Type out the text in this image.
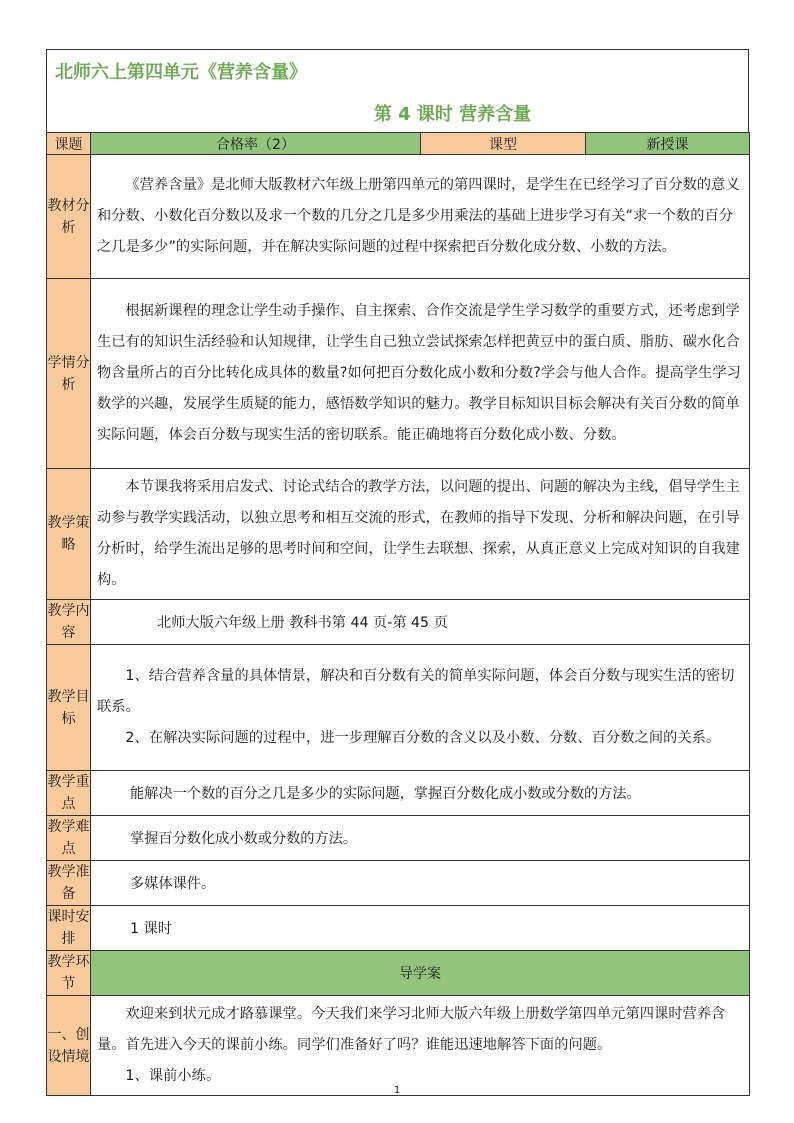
北师六上第四单元《营养含量》
第 4 课时 营养含量
课题	合格率（2）	课型	新授课
教材分析	《营养含量》是北师大版教材六年级上册第四单元的第四课时，是学生在已经学习了百分数的意义和分数、小数化百分数以及求一个数的几分之几是多少用乘法的基础上进步学习有关“求一个数的百分之几是多少”的实际问题，并在解决实际问题的过程中探索把百分数化成分数、小数的方法。		
学情分析	根据新课程的理念让学生动手操作、自主探索、合作交流是学生学习数学的重要方式，还考虑到学生已有的知识生活经验和认知规律，让学生自己独立尝试探索怎样把黄豆中的蛋白质、脂肪、碳水化合物含量所占的百分比转化成具体的数量?如何把百分数化成小数和分数?学会与他人合作。提高学生学习数学的兴趣，发展学生质疑的能力，感悟数学知识的魅力。教学目标知识目标会解决有关百分数的简单实际问题，体会百分数与现实生活的密切联系。能正确地将百分数化成小数、分数。		
教学策略	本节课我将采用启发式、讨论式结合的教学方法，以问题的提出、问题的解决为主线，倡导学生主动参与教学实践活动，以独立思考和相互交流的形式，在教师的指导下发现、分析和解决问题，在引导分析时，给学生流出足够的思考时间和空间，让学生去联想、探索，从真正意义上完成对知识的自我建构。		
教学内容	北师大版六年级上册 教科书第 44 页-第 45 页		
教学目标	1、结合营养含量的具体情景，解决和百分数有关的简单实际问题，体会百分数与现实生活的密切联系。

2、在解决实际问题的过程中，进一步理解百分数的含义以及小数、分数、百分数之间的关系。		

教学重点	能解决一个数的百分之几是多少的实际问题，掌握百分数化成小数或分数的方法。		
教学难点	掌握百分数化成小数或分数的方法。		
教学准备	多媒体课件。		
课时安排	1 课时		
教学环节	导学案		
一、创设情境	欢迎来到状元成才路慕课堂。今天我们来学习北师大版六年级上册数学第四单元第四课时营养含量。首先进入今天的课前小练。同学们准备好了吗？谁能迅速地解答下面的问题。

1、课前小练。		

1
